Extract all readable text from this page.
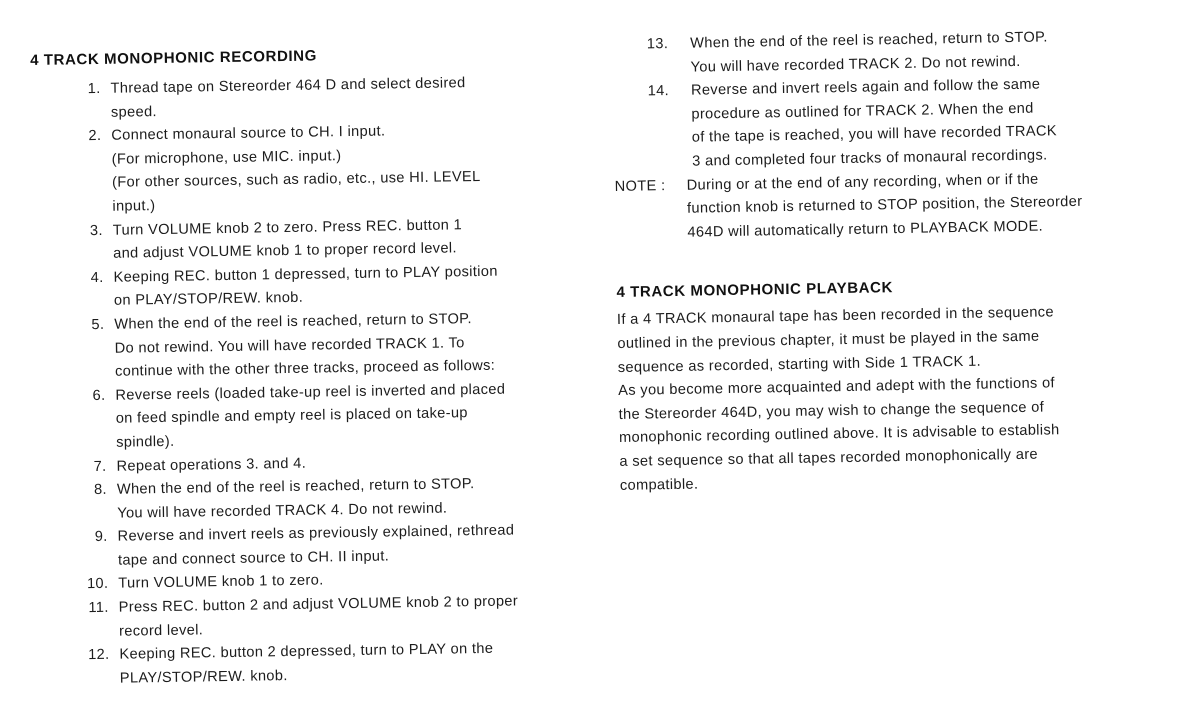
4 TRACK MONOPHONIC RECORDING
1. Thread tape on Stereorder 464 D and select desired
speed.
2. Connect monaural source to CH. I input.
(For microphone, use MIC. input.)
(For other sources, such as radio, etc., use HI. LEVEL
input.)
3. Turn VOLUME knob 2 to zero. Press REC. button 1
and adjust VOLUME knob 1 to proper record level.
4. Keeping REC. button 1 depressed, turn to PLAY position
on PLAY/STOP/REW. knob.
5. When the end of the reel is reached, return to STOP.
Do not rewind. You will have recorded TRACK 1. To
continue with the other three tracks, proceed as follows:
6. Reverse reels (loaded take-up reel is inverted and placed
on feed spindle and empty reel is placed on take-up
spindle).
7. Repeat operations 3. and 4.
8. When the end of the reel is reached, return to STOP.
You will have recorded TRACK 4. Do not rewind.
9. Reverse and invert reels as previously explained, rethread
tape and connect source to CH. II input.
10. Turn VOLUME knob 1 to zero.
11. Press REC. button 2 and adjust VOLUME knob 2 to proper
record level.
12. Keeping REC. button 2 depressed, turn to PLAY on the
PLAY/STOP/REW. knob.
13. When the end of the reel is reached, return to STOP.
You will have recorded TRACK 2. Do not rewind.
14. Reverse and invert reels again and follow the same
procedure as outlined for TRACK 2. When the end
of the tape is reached, you will have recorded TRACK
3 and completed four tracks of monaural recordings.
NOTE : During or at the end of any recording, when or if the
function knob is returned to STOP position, the Stereorder
464D will automatically return to PLAYBACK MODE.
4 TRACK MONOPHONIC PLAYBACK

If a 4 TRACK monaural tape has been recorded in the sequence
outlined in the previous chapter, it must be played in the same
sequence as recorded, starting with Side 1 TRACK 1.
As you become more acquainted and adept with the functions of
the Stereorder 464D, you may wish to change the sequence of
monophonic recording outlined above. It is advisable to establish
a set sequence so that all tapes recorded monophonically are
compatible.
